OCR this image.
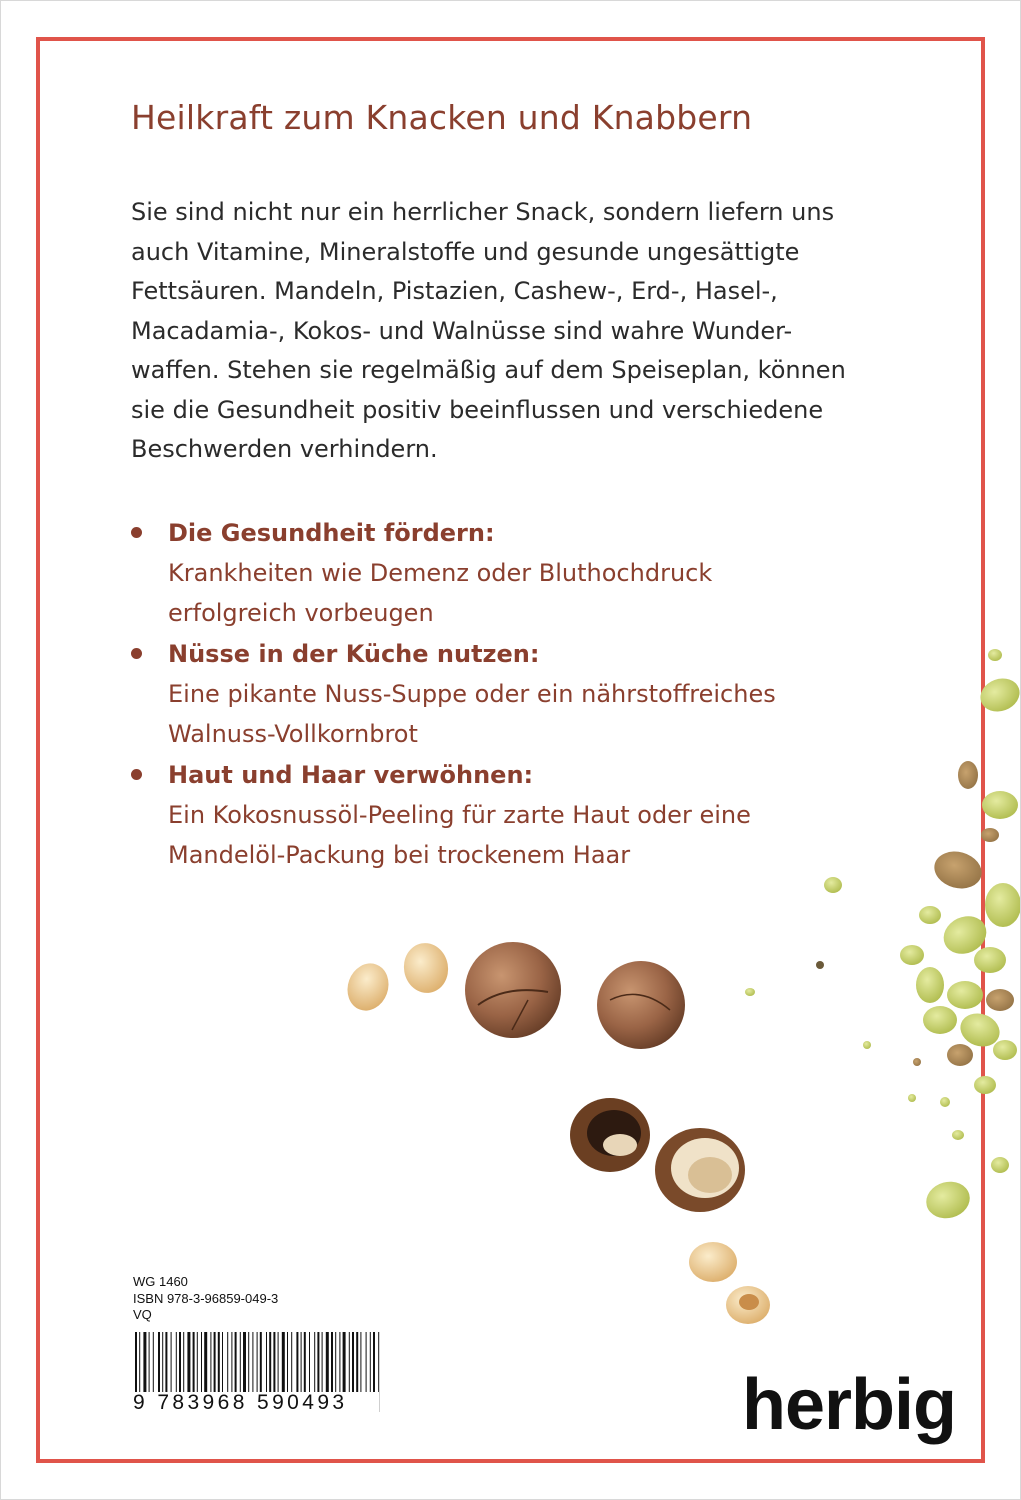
Heilkraft zum Knacken und Knabbern
Sie sind nicht nur ein herrlicher Snack, sondern liefern uns
auch Vitamine, Mineralstoffe und gesunde ungesättigte
Fettsäuren. Mandeln, Pistazien, Cashew-, Erd-, Hasel-,
Macadamia-, Kokos- und Walnüsse sind wahre Wunder-
waffen. Stehen sie regelmäßig auf dem Speiseplan, können
sie die Gesundheit positiv beeinflussen und verschiedene
Beschwerden verhindern.
Die Gesundheit fördern:
Krankheiten wie Demenz oder Bluthochdruck
erfolgreich vorbeugen
Nüsse in der Küche nutzen:
Eine pikante Nuss-Suppe oder ein nährstoffreiches
Walnuss-Vollkornbrot
Haut und Haar verwöhnen:
Ein Kokosnussöl-Peeling für zarte Haut oder eine
Mandelöl-Packung bei trockenem Haar
WG 1460
ISBN 978-3-96859-049-3
VQ
9 783968 590493	herbig
